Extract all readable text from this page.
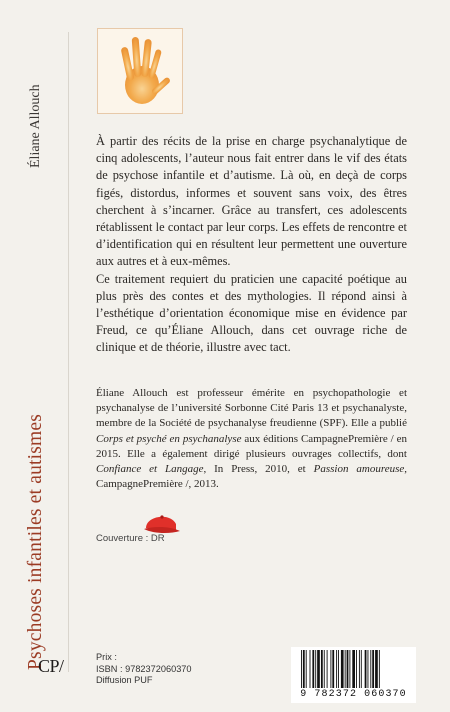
Éliane Allouch
Psychoses infantiles et autismes

À partir des récits de la prise en charge psychanalytique de cinq adolescents, l’auteur nous fait entrer dans le vif des états de psychose infantile et d’autisme. Là où, en deçà de corps figés, distordus, informes et souvent sans voix, des êtres cherchent à s’incarner. Grâce au transfert, ces adolescents rétablissent le contact par leur corps. Les effets de rencontre et d’identification qui en résultent leur permettent une ouverture aux autres et à eux-mêmes.

Ce traitement requiert du praticien une capacité poétique au plus près des contes et des mythologies. Il répond ainsi à l’esthétique d’orientation économique mise en évidence par Freud, ce qu’Éliane Allouch, dans cet ouvrage riche de clinique et de théorie, illustre avec tact.

Éliane Allouch est professeur émérite en psychopathologie et psychanalyse de l’université Sorbonne Cité Paris 13 et psychanalyste, membre de la Société de psychanalyse freudienne (SPF). Elle a publié Corps et psyché en psychanalyse aux éditions CampagnePremière / en 2015. Elle a également dirigé plusieurs ouvrages collectifs, dont Confiance et Langage, In Press, 2010, et Passion amoureuse, CampagnePremière /, 2013.
Couverture : DR
CP/	Prix :
ISBN : 9782372060370
Diffusion PUF
9 782372 060370
